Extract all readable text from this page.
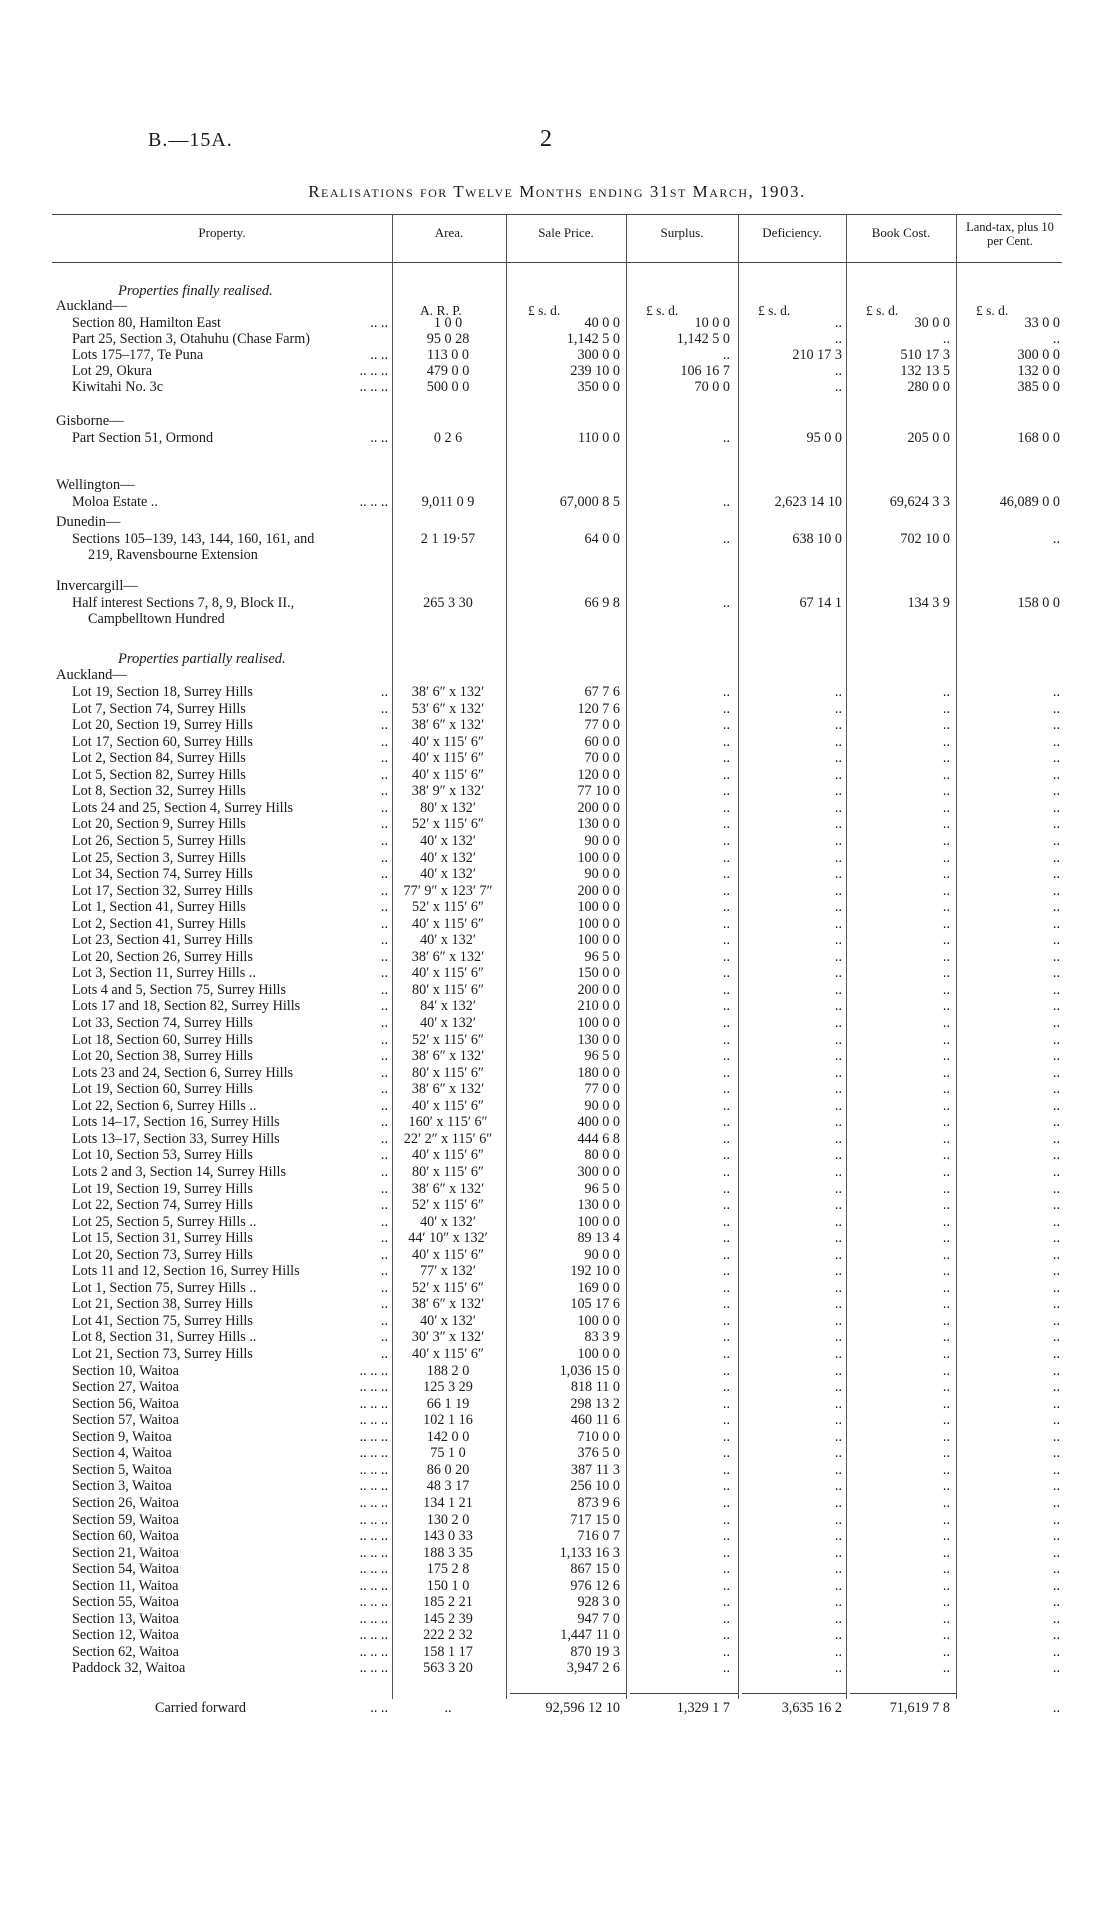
B.—15A.	2
Realisations for Twelve Months ending 31st March, 1903.
Property.	Area.	Sale Price.	Surplus.	Deficiency.	Book Cost.	Land-tax, plus 10 per Cent.
A. R. P.	£ s. d.	£ s. d.	£ s. d.	£ s. d.	£ s. d.
Properties finally realised.
Auckland—
Section 80, Hamilton East	.. ..	1 0 0	40 0 0	10 0 0	..	30 0 0	33 0 0
Part 25, Section 3, Otahuhu (Chase Farm)	95 0 28	1,142 5 0	1,142 5 0	..	..	..
Lots 175–177, Te Puna	.. ..	113 0 0	300 0 0	..	210 17 3	510 17 3	300 0 0
Lot 29, Okura	.. .. ..	479 0 0	239 10 0	106 16 7	..	132 13 5	132 0 0
Kiwitahi No. 3c	.. .. ..	500 0 0	350 0 0	70 0 0	..	280 0 0	385 0 0
Gisborne—
Part Section 51, Ormond	.. ..	0 2 6	110 0 0	..	95 0 0	205 0 0	168 0 0
Wellington—
Moloa Estate ..	.. .. ..	9,011 0 9	67,000 8 5	..	2,623 14 10	69,624 3 3	46,089 0 0
Dunedin—
Sections 105–139, 143, 144, 160, 161, and	2 1 19·57	64 0 0	..	638 10 0	702 10 0	..
219, Ravensbourne Extension
Invercargill—
Half interest Sections 7, 8, 9, Block II.,	265 3 30	66 9 8	..	67 14 1	134 3 9	158 0 0
Campbelltown Hundred
Properties partially realised.
Auckland—
Lot 19, Section 18, Surrey Hills	..	38′ 6″ x 132′	67 7 6	..	..	..	..
Lot 7, Section 74, Surrey Hills	..	53′ 6″ x 132′	120 7 6	..	..	..	..
Lot 20, Section 19, Surrey Hills	..	38′ 6″ x 132′	77 0 0	..	..	..	..
Lot 17, Section 60, Surrey Hills	..	40′ x 115′ 6″	60 0 0	..	..	..	..
Lot 2, Section 84, Surrey Hills	..	40′ x 115′ 6″	70 0 0	..	..	..	..
Lot 5, Section 82, Surrey Hills	..	40′ x 115′ 6″	120 0 0	..	..	..	..
Lot 8, Section 32, Surrey Hills	..	38′ 9″ x 132′	77 10 0	..	..	..	..
Lots 24 and 25, Section 4, Surrey Hills	..	80′ x 132′	200 0 0	..	..	..	..
Lot 20, Section 9, Surrey Hills	..	52′ x 115′ 6″	130 0 0	..	..	..	..
Lot 26, Section 5, Surrey Hills	..	40′ x 132′	90 0 0	..	..	..	..
Lot 25, Section 3, Surrey Hills	..	40′ x 132′	100 0 0	..	..	..	..
Lot 34, Section 74, Surrey Hills	..	40′ x 132′	90 0 0	..	..	..	..
Lot 17, Section 32, Surrey Hills	..	77′ 9″ x 123′ 7″	200 0 0	..	..	..	..
Lot 1, Section 41, Surrey Hills	..	52′ x 115′ 6″	100 0 0	..	..	..	..
Lot 2, Section 41, Surrey Hills	..	40′ x 115′ 6″	100 0 0	..	..	..	..
Lot 23, Section 41, Surrey Hills	..	40′ x 132′	100 0 0	..	..	..	..
Lot 20, Section 26, Surrey Hills	..	38′ 6″ x 132′	96 5 0	..	..	..	..
Lot 3, Section 11, Surrey Hills ..	..	40′ x 115′ 6″	150 0 0	..	..	..	..
Lots 4 and 5, Section 75, Surrey Hills	..	80′ x 115′ 6″	200 0 0	..	..	..	..
Lots 17 and 18, Section 82, Surrey Hills	..	84′ x 132′	210 0 0	..	..	..	..
Lot 33, Section 74, Surrey Hills	..	40′ x 132′	100 0 0	..	..	..	..
Lot 18, Section 60, Surrey Hills	..	52′ x 115′ 6″	130 0 0	..	..	..	..
Lot 20, Section 38, Surrey Hills	..	38′ 6″ x 132′	96 5 0	..	..	..	..
Lots 23 and 24, Section 6, Surrey Hills	..	80′ x 115′ 6″	180 0 0	..	..	..	..
Lot 19, Section 60, Surrey Hills	..	38′ 6″ x 132′	77 0 0	..	..	..	..
Lot 22, Section 6, Surrey Hills ..	..	40′ x 115′ 6″	90 0 0	..	..	..	..
Lots 14–17, Section 16, Surrey Hills	..	160′ x 115′ 6″	400 0 0	..	..	..	..
Lots 13–17, Section 33, Surrey Hills	..	22′ 2″ x 115′ 6″	444 6 8	..	..	..	..
Lot 10, Section 53, Surrey Hills	..	40′ x 115′ 6″	80 0 0	..	..	..	..
Lots 2 and 3, Section 14, Surrey Hills	..	80′ x 115′ 6″	300 0 0	..	..	..	..
Lot 19, Section 19, Surrey Hills	..	38′ 6″ x 132′	96 5 0	..	..	..	..
Lot 22, Section 74, Surrey Hills	..	52′ x 115′ 6″	130 0 0	..	..	..	..
Lot 25, Section 5, Surrey Hills ..	..	40′ x 132′	100 0 0	..	..	..	..
Lot 15, Section 31, Surrey Hills	..	44′ 10″ x 132′	89 13 4	..	..	..	..
Lot 20, Section 73, Surrey Hills	..	40′ x 115′ 6″	90 0 0	..	..	..	..
Lots 11 and 12, Section 16, Surrey Hills	..	77′ x 132′	192 10 0	..	..	..	..
Lot 1, Section 75, Surrey Hills ..	..	52′ x 115′ 6″	169 0 0	..	..	..	..
Lot 21, Section 38, Surrey Hills	..	38′ 6″ x 132′	105 17 6	..	..	..	..
Lot 41, Section 75, Surrey Hills	..	40′ x 132′	100 0 0	..	..	..	..
Lot 8, Section 31, Surrey Hills ..	..	30′ 3″ x 132′	83 3 9	..	..	..	..
Lot 21, Section 73, Surrey Hills	..	40′ x 115′ 6″	100 0 0	..	..	..	..
Section 10, Waitoa	.. .. ..	188 2 0	1,036 15 0	..	..	..	..
Section 27, Waitoa	.. .. ..	125 3 29	818 11 0	..	..	..	..
Section 56, Waitoa	.. .. ..	66 1 19	298 13 2	..	..	..	..
Section 57, Waitoa	.. .. ..	102 1 16	460 11 6	..	..	..	..
Section 9, Waitoa	.. .. ..	142 0 0	710 0 0	..	..	..	..
Section 4, Waitoa	.. .. ..	75 1 0	376 5 0	..	..	..	..
Section 5, Waitoa	.. .. ..	86 0 20	387 11 3	..	..	..	..
Section 3, Waitoa	.. .. ..	48 3 17	256 10 0	..	..	..	..
Section 26, Waitoa	.. .. ..	134 1 21	873 9 6	..	..	..	..
Section 59, Waitoa	.. .. ..	130 2 0	717 15 0	..	..	..	..
Section 60, Waitoa	.. .. ..	143 0 33	716 0 7	..	..	..	..
Section 21, Waitoa	.. .. ..	188 3 35	1,133 16 3	..	..	..	..
Section 54, Waitoa	.. .. ..	175 2 8	867 15 0	..	..	..	..
Section 11, Waitoa	.. .. ..	150 1 0	976 12 6	..	..	..	..
Section 55, Waitoa	.. .. ..	185 2 21	928 3 0	..	..	..	..
Section 13, Waitoa	.. .. ..	145 2 39	947 7 0	..	..	..	..
Section 12, Waitoa	.. .. ..	222 2 32	1,447 11 0	..	..	..	..
Section 62, Waitoa	.. .. ..	158 1 17	870 19 3	..	..	..	..
Paddock 32, Waitoa	.. .. ..	563 3 20	3,947 2 6	..	..	..	..
Carried forward	.. ..	..	92,596 12 10	1,329 1 7	3,635 16 2	71,619 7 8	..
